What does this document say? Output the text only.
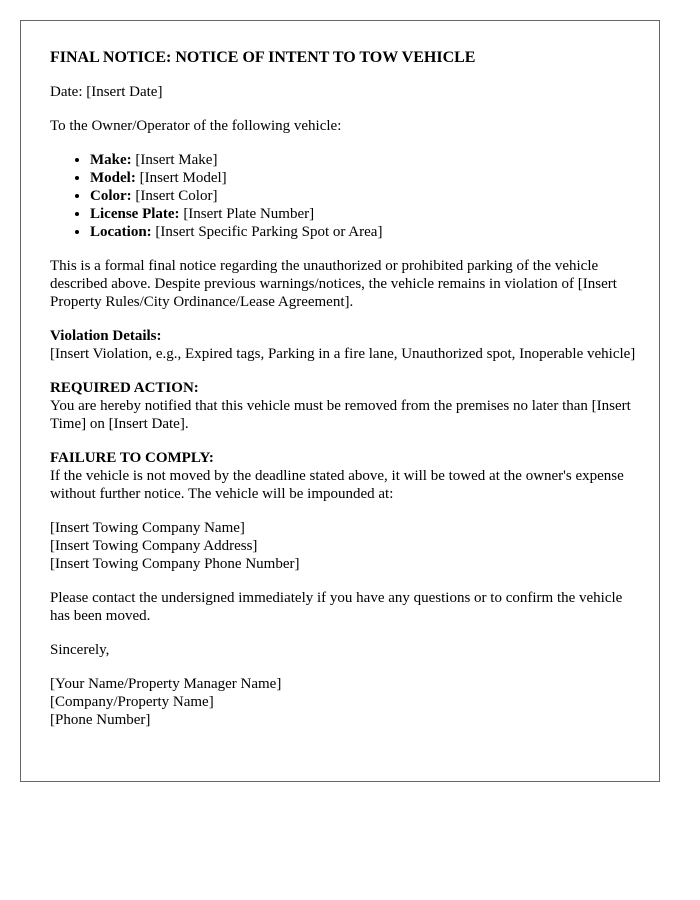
FINAL NOTICE: NOTICE OF INTENT TO TOW VEHICLE

Date: [Insert Date]

To the Owner/Operator of the following vehicle:

• Make: [Insert Make]
• Model: [Insert Model]
• Color: [Insert Color]
• License Plate: [Insert Plate Number]
• Location: [Insert Specific Parking Spot or Area]

This is a formal final notice regarding the unauthorized or prohibited parking of the vehicle described above. Despite previous warnings/notices, the vehicle remains in violation of [Insert Property Rules/City Ordinance/Lease Agreement].

Violation Details:
[Insert Violation, e.g., Expired tags, Parking in a fire lane, Unauthorized spot, Inoperable vehicle]

REQUIRED ACTION:
You are hereby notified that this vehicle must be removed from the premises no later than [Insert Time] on [Insert Date].

FAILURE TO COMPLY:
If the vehicle is not moved by the deadline stated above, it will be towed at the owner's expense without further notice. The vehicle will be impounded at:

[Insert Towing Company Name]
[Insert Towing Company Address]
[Insert Towing Company Phone Number]

Please contact the undersigned immediately if you have any questions or to confirm the vehicle has been moved.

Sincerely,

[Your Name/Property Manager Name]
[Company/Property Name]
[Phone Number]
